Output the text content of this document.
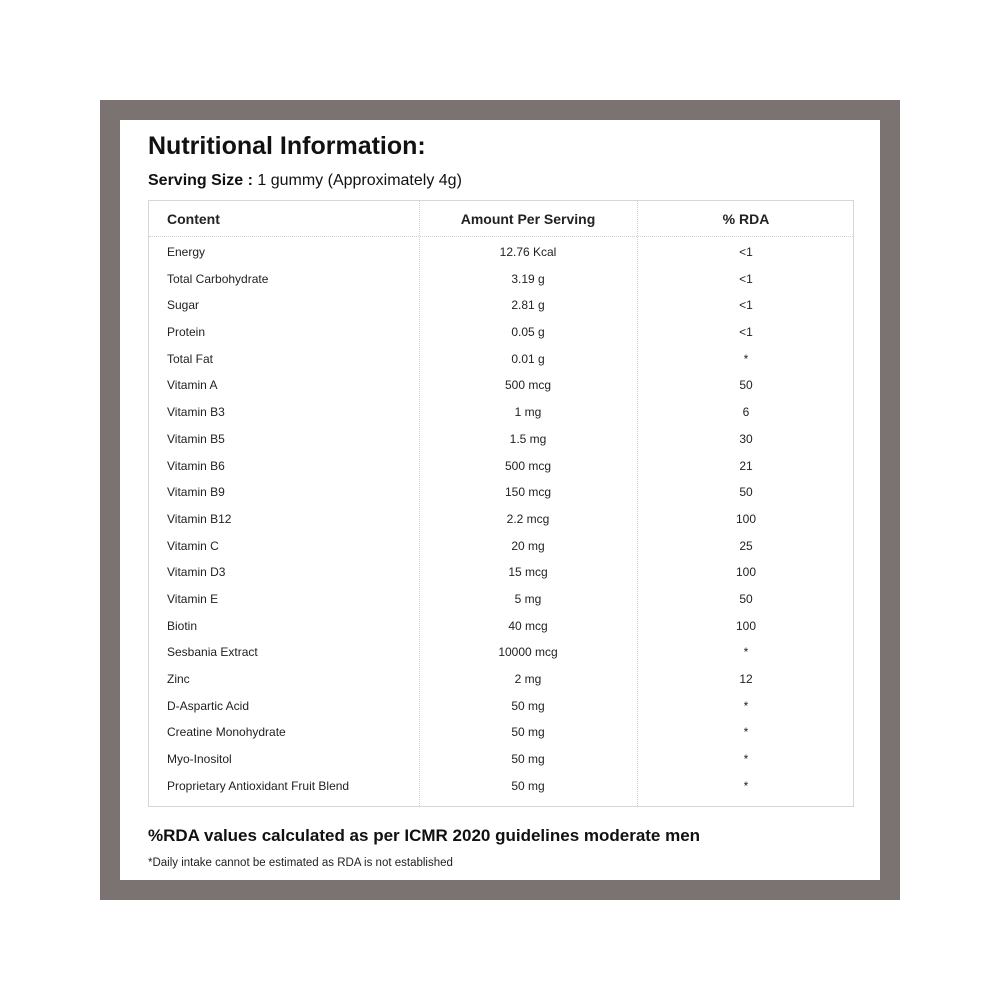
Nutritional Information:
Serving Size : 1 gummy (Approximately 4g)
Content	Amount Per Serving	% RDA
Energy	12.76 Kcal	<1
Total Carbohydrate	3.19 g	<1
Sugar	2.81 g	<1
Protein	0.05 g	<1
Total Fat	0.01 g	*
Vitamin A	500 mcg	50
Vitamin B3	1 mg	6
Vitamin B5	1.5 mg	30
Vitamin B6	500 mcg	21
Vitamin B9	150 mcg	50
Vitamin B12	2.2 mcg	100
Vitamin C	20 mg	25
Vitamin D3	15 mcg	100
Vitamin E	5 mg	50
Biotin	40 mcg	100
Sesbania Extract	10000 mcg	*
Zinc	2 mg	12
D-Aspartic Acid	50 mg	*
Creatine Monohydrate	50 mg	*
Myo-Inositol	50 mg	*
Proprietary Antioxidant Fruit Blend	50 mg	*
%RDA values calculated as per ICMR 2020 guidelines moderate men
*Daily intake cannot be estimated as RDA is not established
